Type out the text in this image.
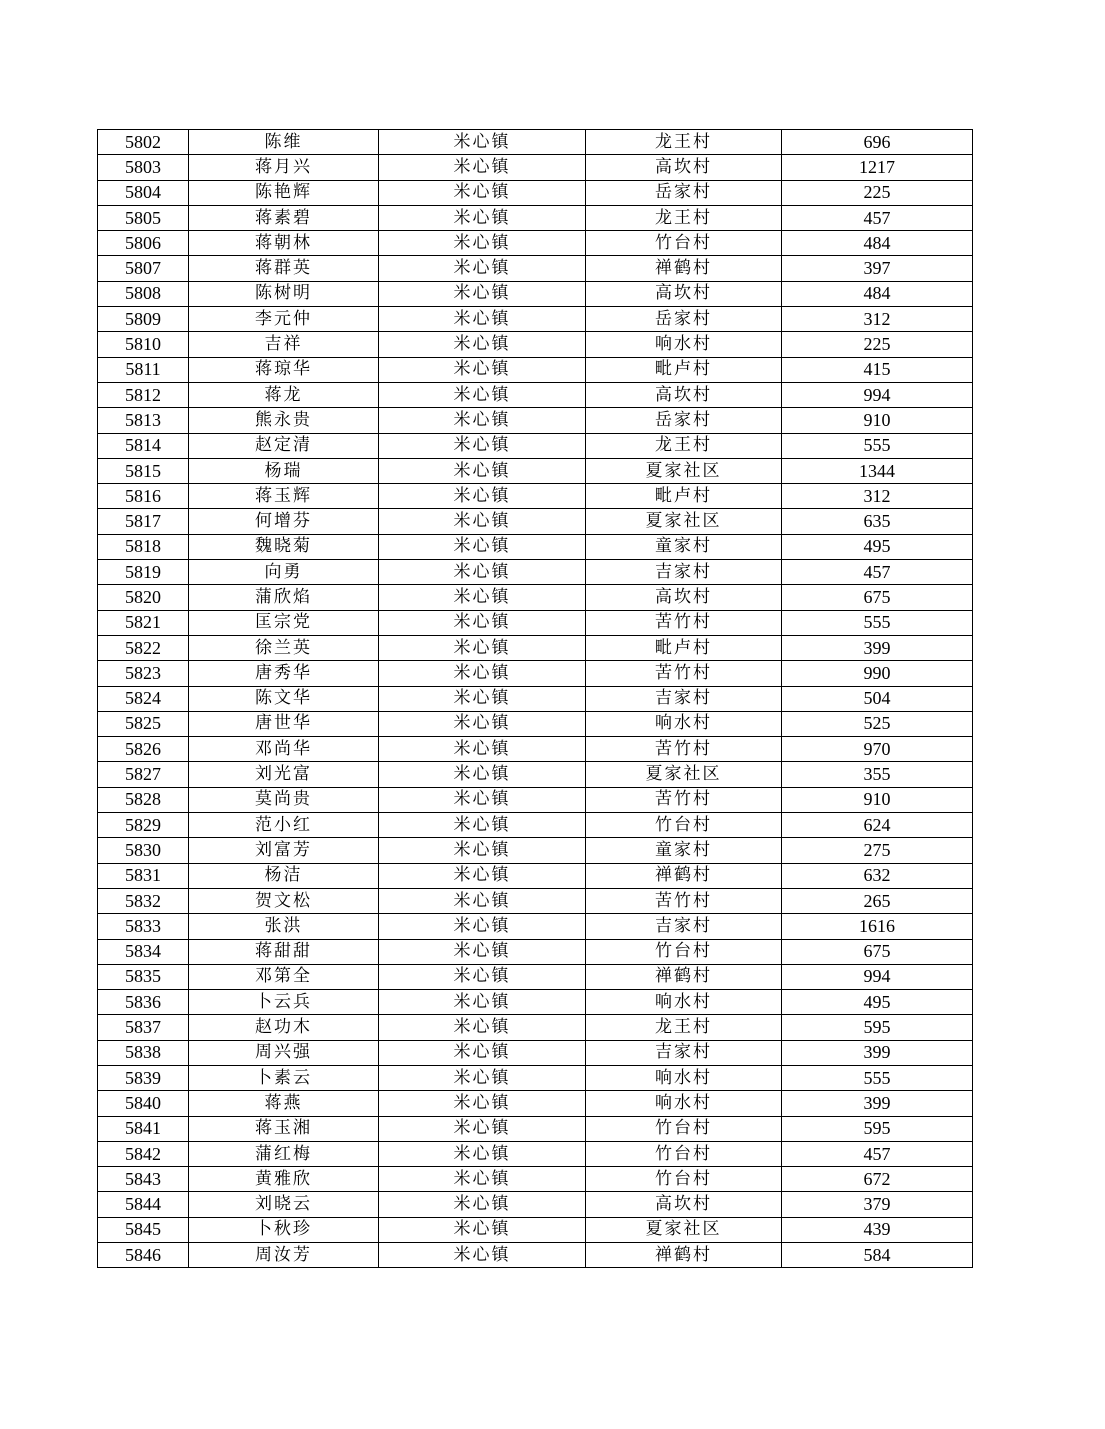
5802	陈维	米心镇	龙王村	696
5803	蒋月兴	米心镇	高坎村	1217
5804	陈艳辉	米心镇	岳家村	225
5805	蒋素碧	米心镇	龙王村	457
5806	蒋朝林	米心镇	竹台村	484
5807	蒋群英	米心镇	禅鹤村	397
5808	陈树明	米心镇	高坎村	484
5809	李元仲	米心镇	岳家村	312
5810	吉祥	米心镇	响水村	225
5811	蒋琼华	米心镇	毗卢村	415
5812	蒋龙	米心镇	高坎村	994
5813	熊永贵	米心镇	岳家村	910
5814	赵定清	米心镇	龙王村	555
5815	杨瑞	米心镇	夏家社区	1344
5816	蒋玉辉	米心镇	毗卢村	312
5817	何增芬	米心镇	夏家社区	635
5818	魏晓菊	米心镇	童家村	495
5819	向勇	米心镇	吉家村	457
5820	蒲欣焰	米心镇	高坎村	675
5821	匡宗党	米心镇	苦竹村	555
5822	徐兰英	米心镇	毗卢村	399
5823	唐秀华	米心镇	苦竹村	990
5824	陈文华	米心镇	吉家村	504
5825	唐世华	米心镇	响水村	525
5826	邓尚华	米心镇	苦竹村	970
5827	刘光富	米心镇	夏家社区	355
5828	莫尚贵	米心镇	苦竹村	910
5829	范小红	米心镇	竹台村	624
5830	刘富芳	米心镇	童家村	275
5831	杨洁	米心镇	禅鹤村	632
5832	贺文松	米心镇	苦竹村	265
5833	张洪	米心镇	吉家村	1616
5834	蒋甜甜	米心镇	竹台村	675
5835	邓第全	米心镇	禅鹤村	994
5836	卜云兵	米心镇	响水村	495
5837	赵功木	米心镇	龙王村	595
5838	周兴强	米心镇	吉家村	399
5839	卜素云	米心镇	响水村	555
5840	蒋燕	米心镇	响水村	399
5841	蒋玉湘	米心镇	竹台村	595
5842	蒲红梅	米心镇	竹台村	457
5843	黄雅欣	米心镇	竹台村	672
5844	刘晓云	米心镇	高坎村	379
5845	卜秋珍	米心镇	夏家社区	439
5846	周汝芳	米心镇	禅鹤村	584
